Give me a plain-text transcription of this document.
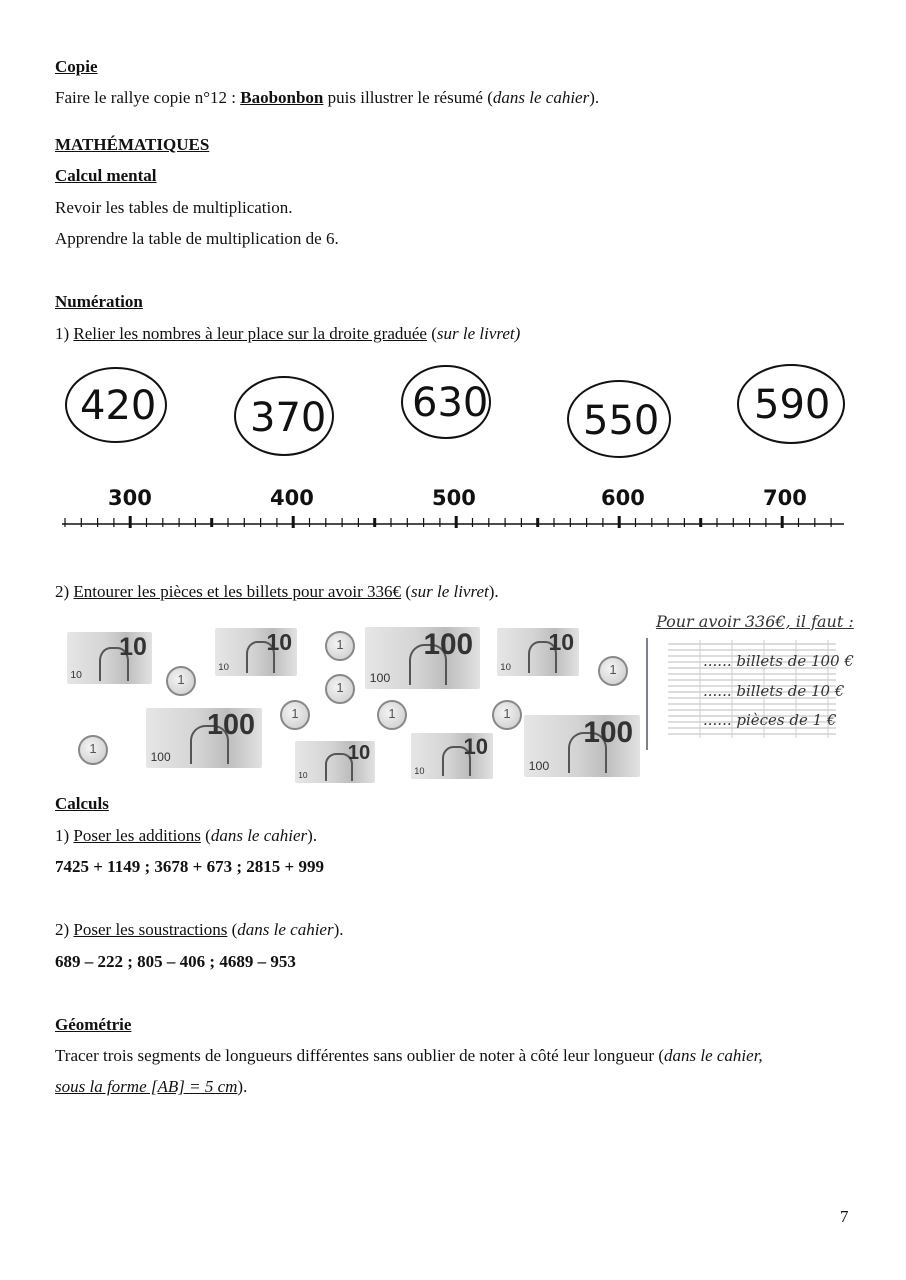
Copie
Faire le rallye copie n°12 : Baobonbon puis illustrer le résumé (dans le cahier).
MATHÉMATIQUES
Calcul mental
Revoir les tables de multiplication.
Apprendre la table de multiplication de 6.
Numération
1) Relier les nombres à leur place sur la droite graduée (sur le livret)
420 370 630 550 590
300	400	500	600	700
2) Entourer les pièces et les billets pour avoir 336€ (sur le livret).
10
10
10
10
100
100
10
10
100
100	10
10
10
10
100
100
1
1
1
1	1	1
1
1
Pour avoir 336€, il faut :
...... billets de 100 €
...... billets de 10 €
...... pièces de 1 €
Calculs
1) Poser les additions (dans le cahier).
7425 + 1149 ; 3678 + 673 ; 2815 + 999
2) Poser les soustractions (dans le cahier).
689 – 222 ; 805 – 406 ; 4689 – 953
Géométrie
Tracer trois segments de longueurs différentes sans oublier de noter à côté leur longueur (dans le cahier,
sous la forme [AB] = 5 cm).
7
